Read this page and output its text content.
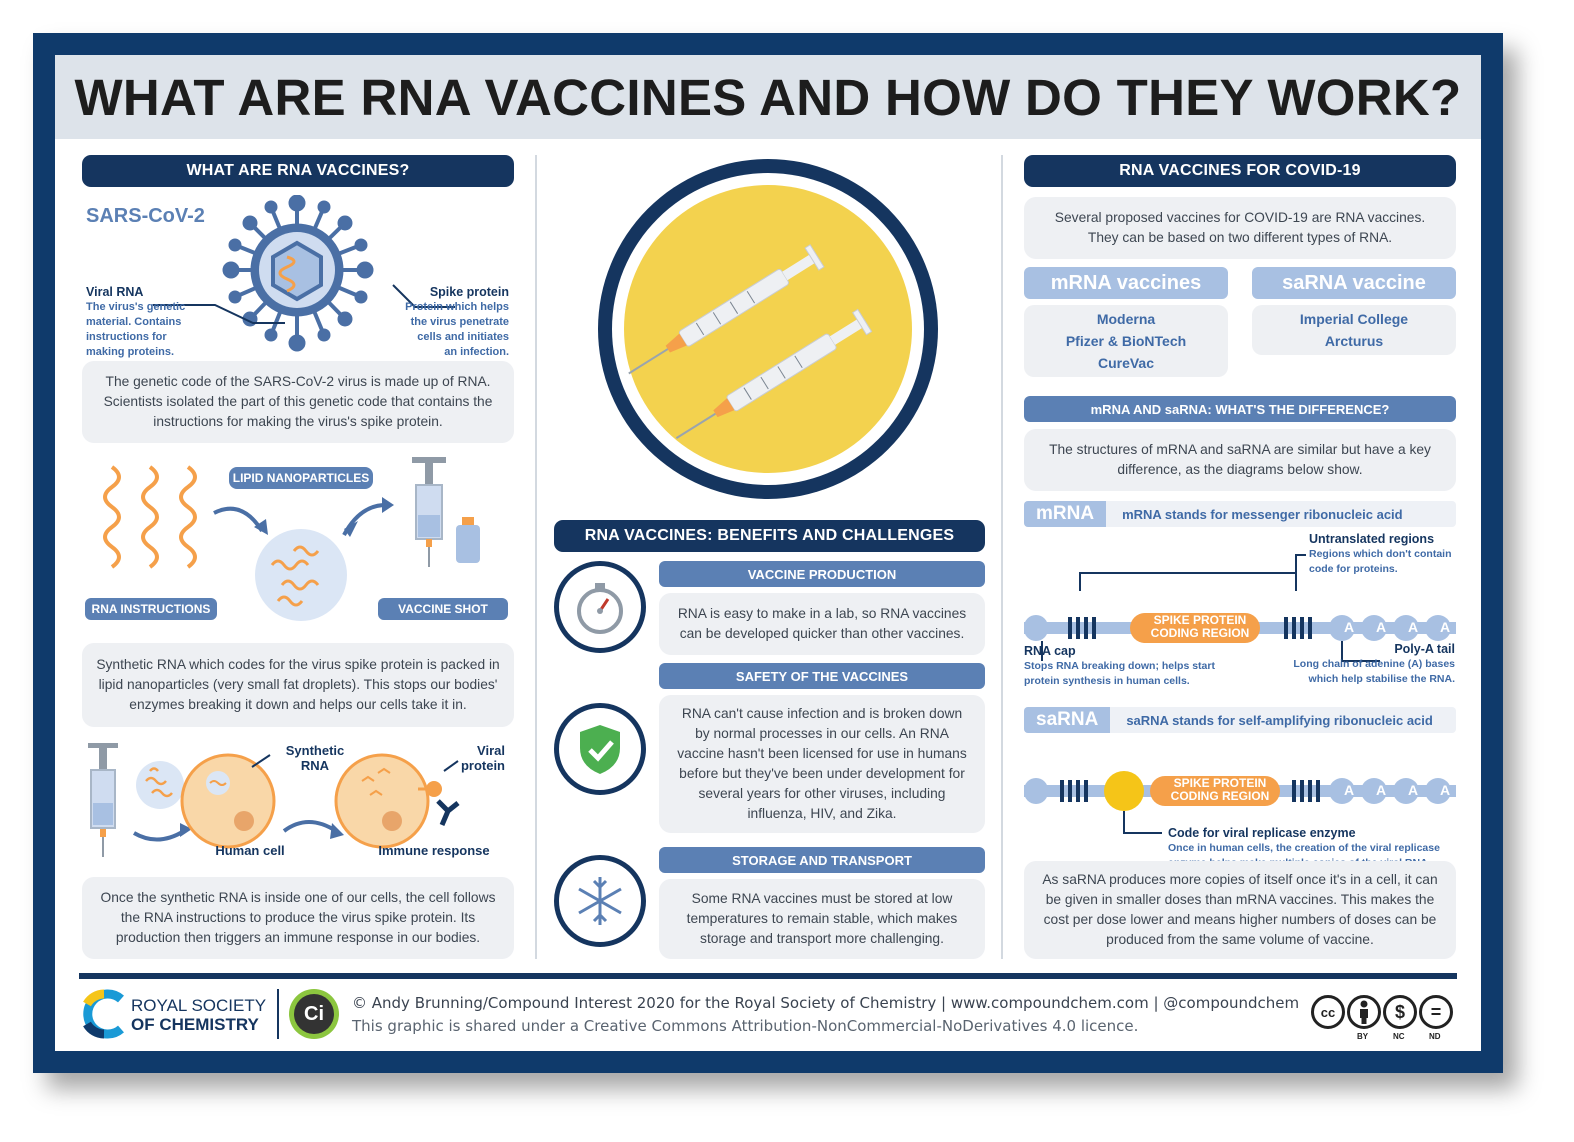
WHAT ARE RNA VACCINES AND HOW DO THEY WORK?
WHAT ARE RNA VACCINES?
SARS-CoV-2
Viral RNA
The virus's genetic
material. Contains
instructions for
making proteins.
Spike protein
Protein which helps
the virus penetrate
cells and initiates
an infection.
The genetic code of the SARS-CoV-2 virus is made up of RNA. Scientists isolated the part of this genetic code that contains the instructions for making the virus's spike protein.
LIPID NANOPARTICLES
RNA INSTRUCTIONS	VACCINE SHOT
Synthetic RNA which codes for the virus spike protein is packed in lipid nanoparticles (very small fat droplets). This stops our bodies' enzymes breaking it down and helps our cells take it in.
Synthetic
RNA
Viral
protein
Human cell	Immune response
Once the synthetic RNA is inside one of our cells, the cell follows the RNA instructions to produce the virus spike protein. Its production then triggers an immune response in our bodies.
RNA VACCINES: BENEFITS AND CHALLENGES
VACCINE PRODUCTION
RNA is easy to make in a lab, so RNA vaccines can be developed quicker than other vaccines.
SAFETY OF THE VACCINES
RNA can't cause infection and is broken down by normal processes in our cells. An RNA vaccine hasn't been licensed for use in humans before but they've been under development for several years for other viruses, including influenza, HIV, and Zika.
STORAGE AND TRANSPORT
Some RNA vaccines must be stored at low temperatures to remain stable, which makes storage and transport more challenging.
RNA VACCINES FOR COVID-19
Several proposed vaccines for COVID-19 are RNA vaccines. They can be based on two different types of RNA.
mRNA vaccines
Moderna
Pfizer & BioNTech
CureVac
saRNA vaccine
Imperial College
Arcturus
mRNA AND saRNA: WHAT'S THE DIFFERENCE?
The structures of mRNA and saRNA are similar but have a key difference, as the diagrams below show.
mRNA	mRNA stands for messenger ribonucleic acid
SPIKE PROTEIN
CODING REGION	A	A	A	A
Untranslated regions
Regions which don't contain
code for proteins.
RNA cap
Stops RNA breaking down; helps start
protein synthesis in human cells.
Poly-A tail
Long chain of adenine (A) bases
which help stabilise the RNA.
saRNA	saRNA stands for self-amplifying ribonucleic acid
SPIKE PROTEIN
CODING REGION	A	A	A	A
Code for viral replicase enzyme
Once in human cells, the creation of the viral replicase
As saRNA produces more copies of itself once it's in a cell, it can be given in smaller doses than mRNA vaccines. This makes the cost per dose lower and means higher numbers of doses can be produced from the same volume of vaccine.
ROYAL SOCIETY
OF CHEMISTRY	Ci	© Andy Brunning/Compound Interest 2020 for the Royal Society of Chemistry | www.compoundchem.com | @compoundchem
This graphic is shared under a Creative Commons Attribution-NonCommercial-NoDerivatives 4.0 licence.
cc	$	=
BY	NC	ND
